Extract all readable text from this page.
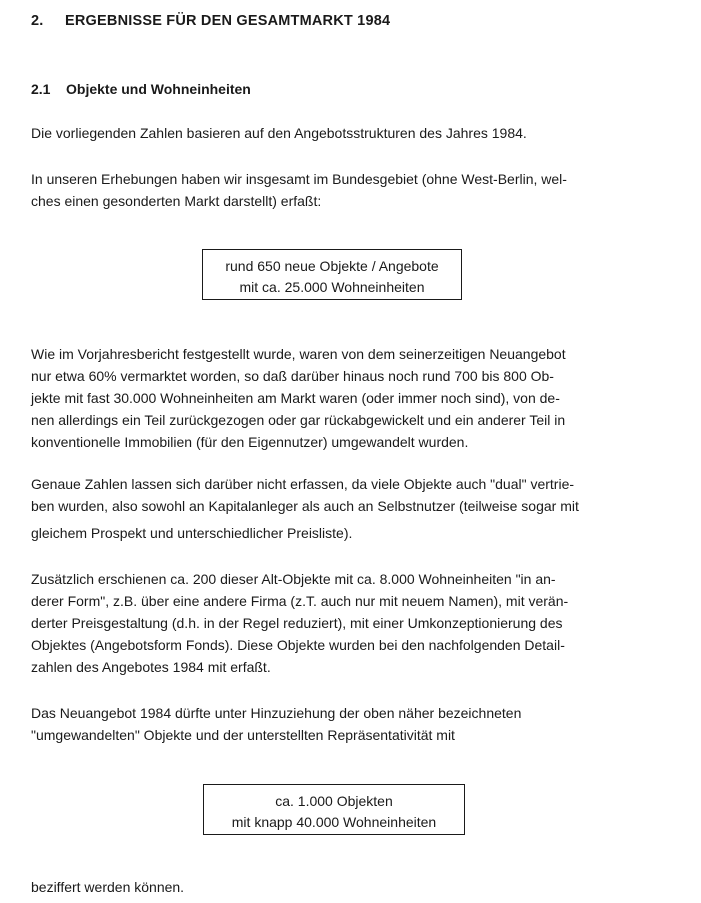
2. ERGEBNISSE FÜR DEN GESAMTMARKT 1984
2.1 Objekte und Wohneinheiten

Die vorliegenden Zahlen basieren auf den Angebotsstrukturen des Jahres 1984.

In unseren Erhebungen haben wir insgesamt im Bundesgebiet (ohne West-Berlin, wel-
ches einen gesonderten Markt darstellt) erfaßt:

rund 650 neue Objekte / Angebote
mit ca. 25.000 Wohneinheiten

Wie im Vorjahresbericht festgestellt wurde, waren von dem seinerzeitigen Neuangebot
nur etwa 60% vermarktet worden, so daß darüber hinaus noch rund 700 bis 800 Ob-
jekte mit fast 30.000 Wohneinheiten am Markt waren (oder immer noch sind), von de-
nen allerdings ein Teil zurückgezogen oder gar rückabgewickelt und ein anderer Teil in
konventionelle Immobilien (für den Eigennutzer) umgewandelt wurden.

Genaue Zahlen lassen sich darüber nicht erfassen, da viele Objekte auch "dual" vertrie-
ben wurden, also sowohl an Kapitalanleger als auch an Selbstnutzer (teilweise sogar mit
gleichem Prospekt und unterschiedlicher Preisliste).

Zusätzlich erschienen ca. 200 dieser Alt-Objekte mit ca. 8.000 Wohneinheiten "in an-
derer Form", z.B. über eine andere Firma (z.T. auch nur mit neuem Namen), mit verän-
derter Preisgestaltung (d.h. in der Regel reduziert), mit einer Umkonzeptionierung des
Objektes (Angebotsform Fonds). Diese Objekte wurden bei den nachfolgenden Detail-
zahlen des Angebotes 1984 mit erfaßt.

Das Neuangebot 1984 dürfte unter Hinzuziehung der oben näher bezeichneten
"umgewandelten" Objekte und der unterstellten Repräsentativität mit

ca. 1.000 Objekten
mit knapp 40.000 Wohneinheiten

beziffert werden können.
